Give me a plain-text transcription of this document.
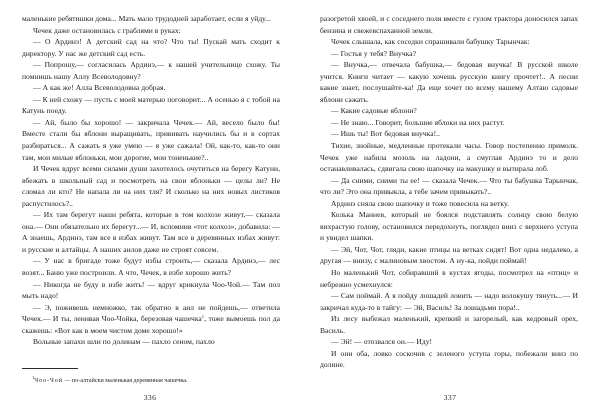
маленькие ребятишки дома... Мать мало трудодней заработает, если я уйду...

Чечек даже остановилась с граблями в руках:

— О Ардинэ! А детский сад на что? Что ты! Пускай мать сходит к директору. У нас же детский сад есть.

— Попрошу,— согласилась Ардинэ,— к нашей учительнице схожу. Ты помнишь нашу Аллу Всеволодовну?

— А как же! Алла Всеволодовна добрая.

— К ней схожу — пусть с моей матерью поговорит... А осенью я с тобой на Катунь поеду.

— Ай, было бы хорошо! — закричала Чечек.— Ай, весело было бы! Вместе стали бы яблони выращивать, прививать научились бы и в сортах разбираться... А сажать я уже умею — я уже сажала! Ой, как-то, как-то они там, мои милые яблоньки, мои дорогие, мои тоненькие?..

И Чечек вдруг всеми силами души захотелось очутиться на берегу Катуни, вбежать в школьный сад и посмотреть на свои яблоньки — целы ли? Не сломал ли кто? Не напала ли на них тля? И сколько на них новых листиков распустилось?..

— Их там берегут наши ребята, которые в том колхозе живут,— сказала она.— Они обязательно их берегут...— И, вспомнив «тот колхоз», добавила: — А знаешь, Ардинэ, там все в избах живут. Там все в деревянных избах живут: и русские и алтайцы. А наших аилов даже не строят совсем.

— У нас в бригаде тоже будут избы строить,— сказала Ардинэ,— лес возят... Баню уже построили. А что, Чечек, в избе хорошо жить?

— Никогда не буду в избе жить! — вдруг крикнула Чоо-Чой.— Там пол мыть надо!

— Э, поживешь немножко, так обратно в аил не пойдешь,— ответила Чечек.— И ты, ленивая Чоо-Чойка, березовая чашечка$^1$, тоже вымоешь пол да скажешь: «Вот как в моем чистом доме хорошо!»

Вольные запахи шли по долинам — пахло сеном, пахло

$^1$Чоо-Чой — по-алтайски маленькая деревянная чашечка.

336

разогретой хвоей, и с соседнего поля вместе с гулом трактора доносился запах бензина и свежевспаханной земли.

Чечек слышала, как соседки спрашивали бабушку Тарынчак:

— Гостья у тебя? Внучка?

— Внучка,— отвечала бабушка,— бедовая внучка! В русской школе учится. Книги читает — какую хочешь русскую книгу прочтет!.. А песни какие знает, послушайте-ка! Да еще хочет по всему нашему Алтаю садовые яблони сажать.

— Какие садовые яблони?

— Не знаю... Говорит, большие яблоки на них растут.

— Ишь ты! Вот бедовая внучка!..

Тихие, знойные, медленные протекали часы. Говор постепенно примолк. Чечек уже набила мозоль на ладони, а смуглая Ардинэ то и дело останавливалась, сдвигала свою шапочку на макушку и вытирала лоб.

— Да сними, сними ты ее! — сказала Чечек.— Что ты бабушка Тарынчак, что ли? Это она привыкла, а тебе зачем привыкать?..

Ардинэ сняла свою шапочку и тоже повесила на ветку.

Колька Маннев, который не боялся подставлять солнцу свою белую вихрастую голову, остановился передохнуть, поглядел вниз с верхнего уступа и увидел шапки.

— Эй, Чот, Чот, гляди, какие птицы на ветках сидят! Вот одна недалеко, а другая — внизу, с малиновым хвостом. А ну-ка, пойди поймай!

Но маленький Чот, собиравший в кустах ягоды, посмотрел на «птиц» и небрежно усмехнулся:

— Сам поймай. А я пойду лошадей ловить — надо волокушу тянуть...— И закричал куда-то в тайгу: — Эй, Василь! За лошадьми пора!..

Из лесу выбежал маленький, крепкий и загорелый, как кедровый орех, Василь.

— Эй! — отозвался он.— Иду!

И они оба, ловко соскочив с зеленого уступа горы, побежали вниз по долине.

337
